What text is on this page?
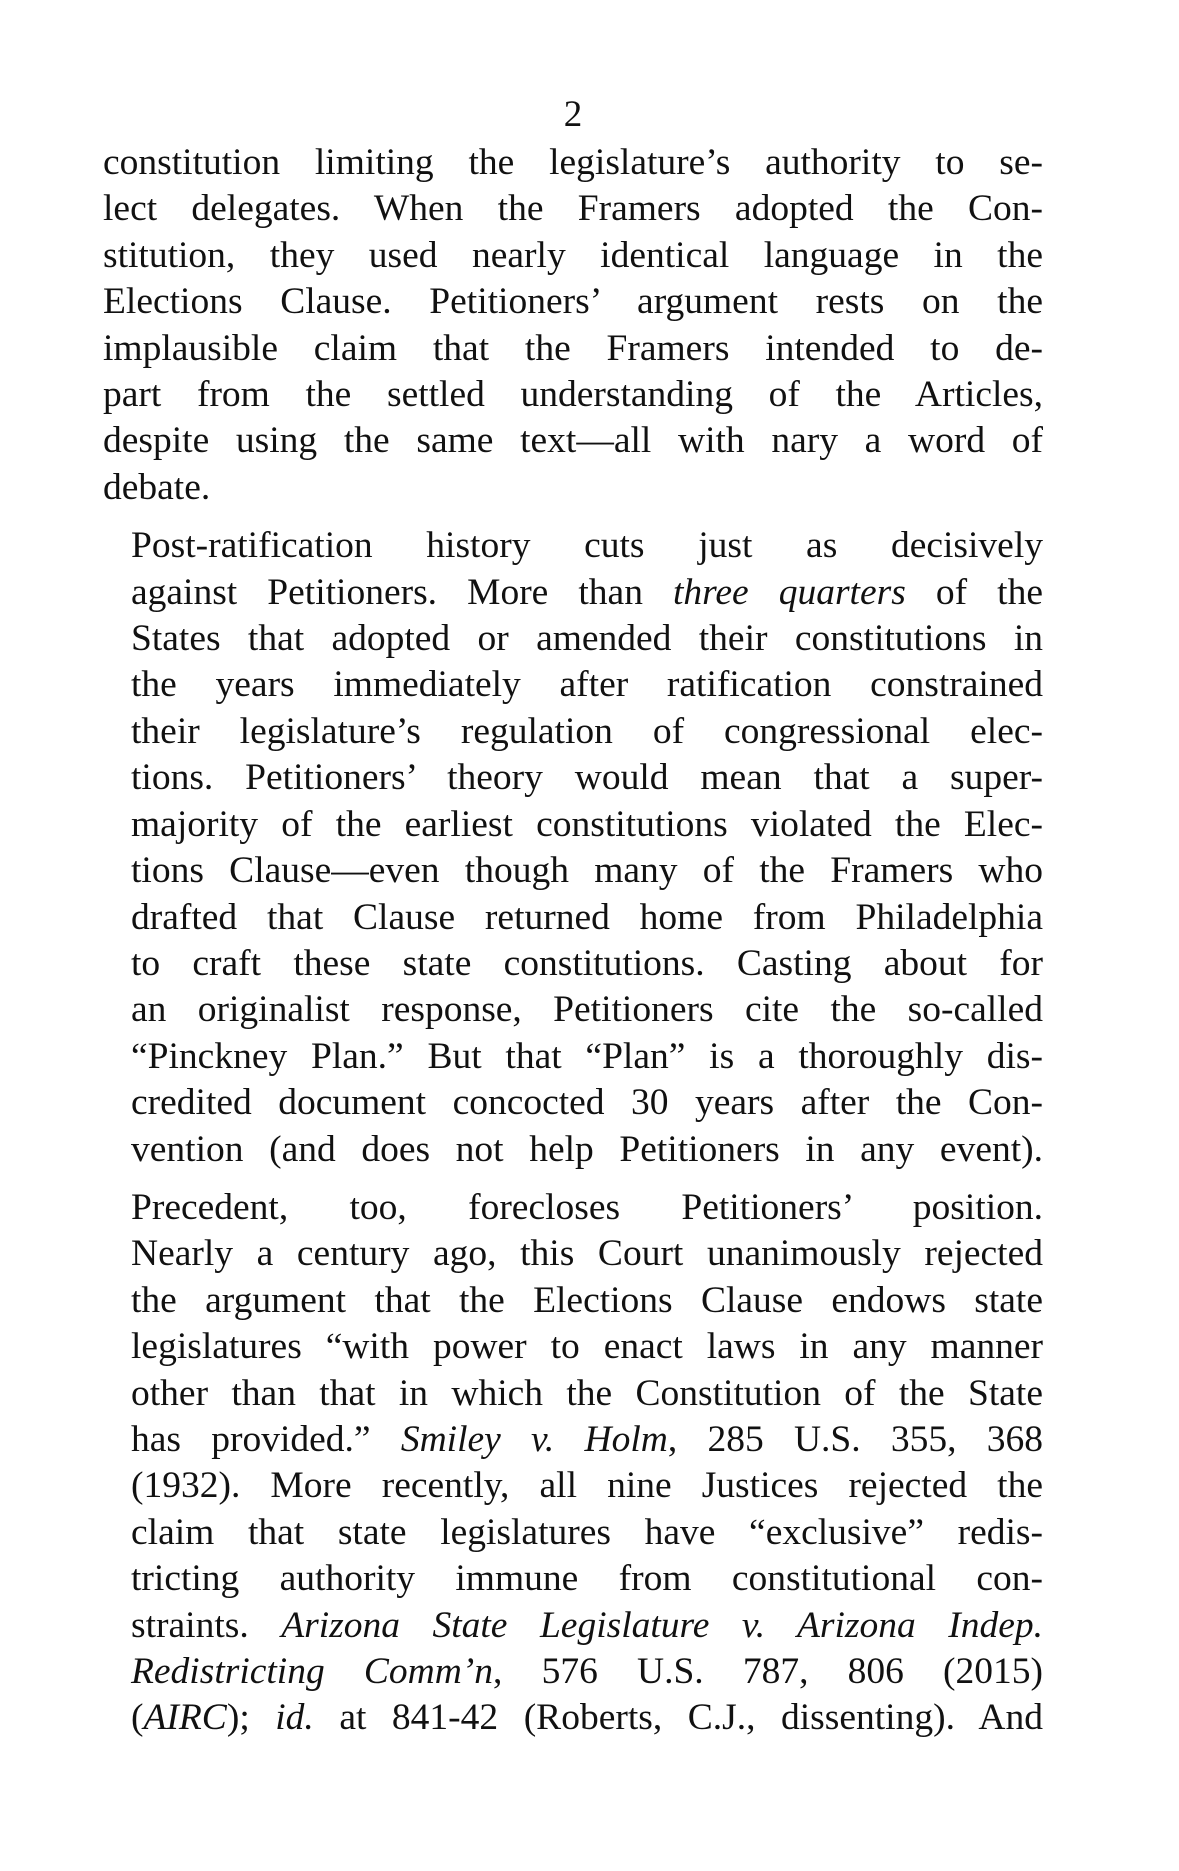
2
constitution limiting the legislature’s authority to se-
lect delegates. When the Framers adopted the Con-
stitution, they used nearly identical language in the
Elections Clause. Petitioners’ argument rests on the
implausible claim that the Framers intended to de-
part from the settled understanding of the Articles,
despite using the same text—all with nary a word of
debate.
Post-ratification history cuts just as decisively
against Petitioners. More than three quarters of the
States that adopted or amended their constitutions in
the years immediately after ratification constrained
their legislature’s regulation of congressional elec-
tions. Petitioners’ theory would mean that a super-
majority of the earliest constitutions violated the Elec-
tions Clause—even though many of the Framers who
drafted that Clause returned home from Philadelphia
to craft these state constitutions. Casting about for
an originalist response, Petitioners cite the so-called
“Pinckney Plan.” But that “Plan” is a thoroughly dis-
credited document concocted 30 years after the Con-
vention (and does not help Petitioners in any event).
Precedent, too, forecloses Petitioners’ position.
Nearly a century ago, this Court unanimously rejected
the argument that the Elections Clause endows state
legislatures “with power to enact laws in any manner
other than that in which the Constitution of the State
has provided.” Smiley v. Holm, 285 U.S. 355, 368
(1932). More recently, all nine Justices rejected the
claim that state legislatures have “exclusive” redis-
tricting authority immune from constitutional con-
straints. Arizona State Legislature v. Arizona Indep.
Redistricting Comm’n, 576 U.S. 787, 806 (2015)
(AIRC); id. at 841-42 (Roberts, C.J., dissenting). And
